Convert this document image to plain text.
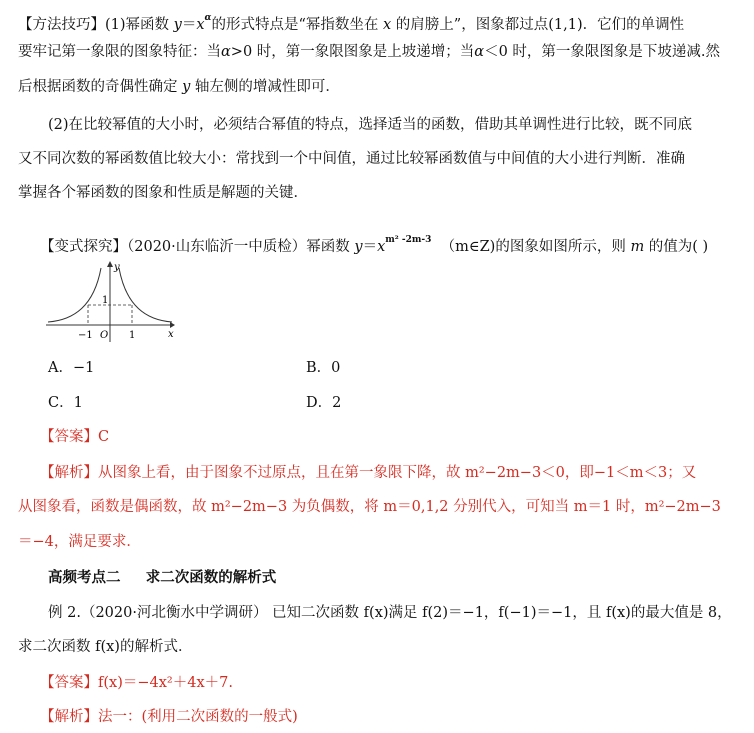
【方法技巧】(1)幂函数 $y=x^\alpha$的形式特点是“幂指数坐在 x 的肩膀上”，图象都过点(1,1)．它们的单调性
要牢记第一象限的图象特征：当α>0 时，第一象限图象是上坡递增；当α＜0 时，第一象限图象是下坡递减.然
后根据函数的奇偶性确定 y 轴左侧的增减性即可．
(2)在比较幂值的大小时，必须结合幂值的特点，选择适当的函数，借助其单调性进行比较，既不同底
又不同次数的幂函数值比较大小：常找到一个中间值，通过比较幂函数值与中间值的大小进行判断．准确
掌握各个幂函数的图象和性质是解题的关键．
【变式探究】（2020·山东临沂一中质检）幂函数 $y=x^{m^2 -2m-3}$ （m∈Z)的图象如图所示，则 m 的值为( )
y
x
O
−1	1
1
A．−1	B．0
C．1	D．2
【答案】C
【解析】从图象上看，由于图象不过原点，且在第一象限下降，故 m²−2m−3＜0，即−1＜m＜3；又
从图象看，函数是偶函数，故 m²−2m−3 为负偶数，将 m＝0,1,2 分别代入，可知当 m＝1 时，m²−2m−3
＝−4，满足要求．
高频考点二     求二次函数的解析式
例 2.（2020·河北衡水中学调研） 已知二次函数 f(x)满足 f(2)＝−1，f(−1)＝−1，且 f(x)的最大值是 8，
求二次函数 f(x)的解析式．
【答案】f(x)＝−4x²＋4x＋7.
【解析】法一：(利用二次函数的一般式)
